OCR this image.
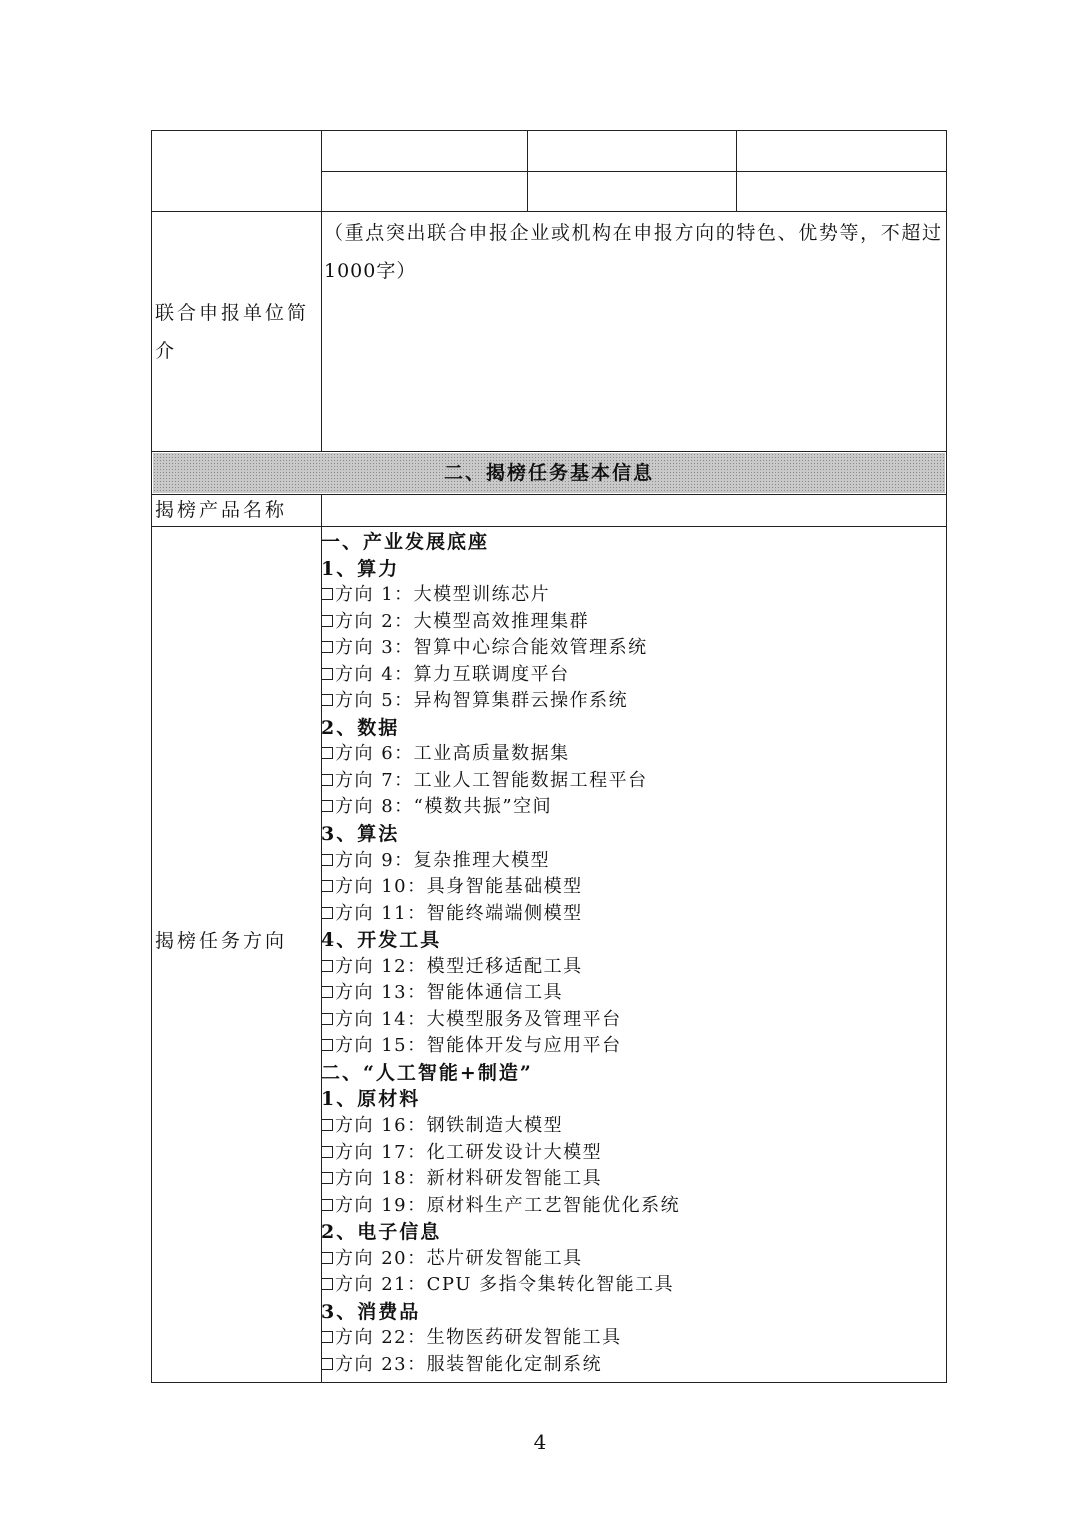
联合申报单位简介
（重点突出联合申报企业或机构在申报方向的特色、优势等，不超过1000字）
二、揭榜任务基本信息
揭榜产品名称
揭榜任务方向
一、产业发展底座
1、算力
方向 1：大模型训练芯片
方向 2：大模型高效推理集群
方向 3：智算中心综合能效管理系统
方向 4：算力互联调度平台
方向 5：异构智算集群云操作系统
2、数据
方向 6：工业高质量数据集
方向 7：工业人工智能数据工程平台
方向 8：“模数共振”空间
3、算法
方向 9：复杂推理大模型
方向 10：具身智能基础模型
方向 11：智能终端端侧模型
4、开发工具
方向 12：模型迁移适配工具
方向 13：智能体通信工具
方向 14：大模型服务及管理平台
方向 15：智能体开发与应用平台
二、“人工智能+制造”
1、原材料
方向 16：钢铁制造大模型
方向 17：化工研发设计大模型
方向 18：新材料研发智能工具
方向 19：原材料生产工艺智能优化系统
2、电子信息
方向 20：芯片研发智能工具
方向 21：CPU 多指令集转化智能工具
3、消费品
方向 22：生物医药研发智能工具
方向 23：服装智能化定制系统
4
